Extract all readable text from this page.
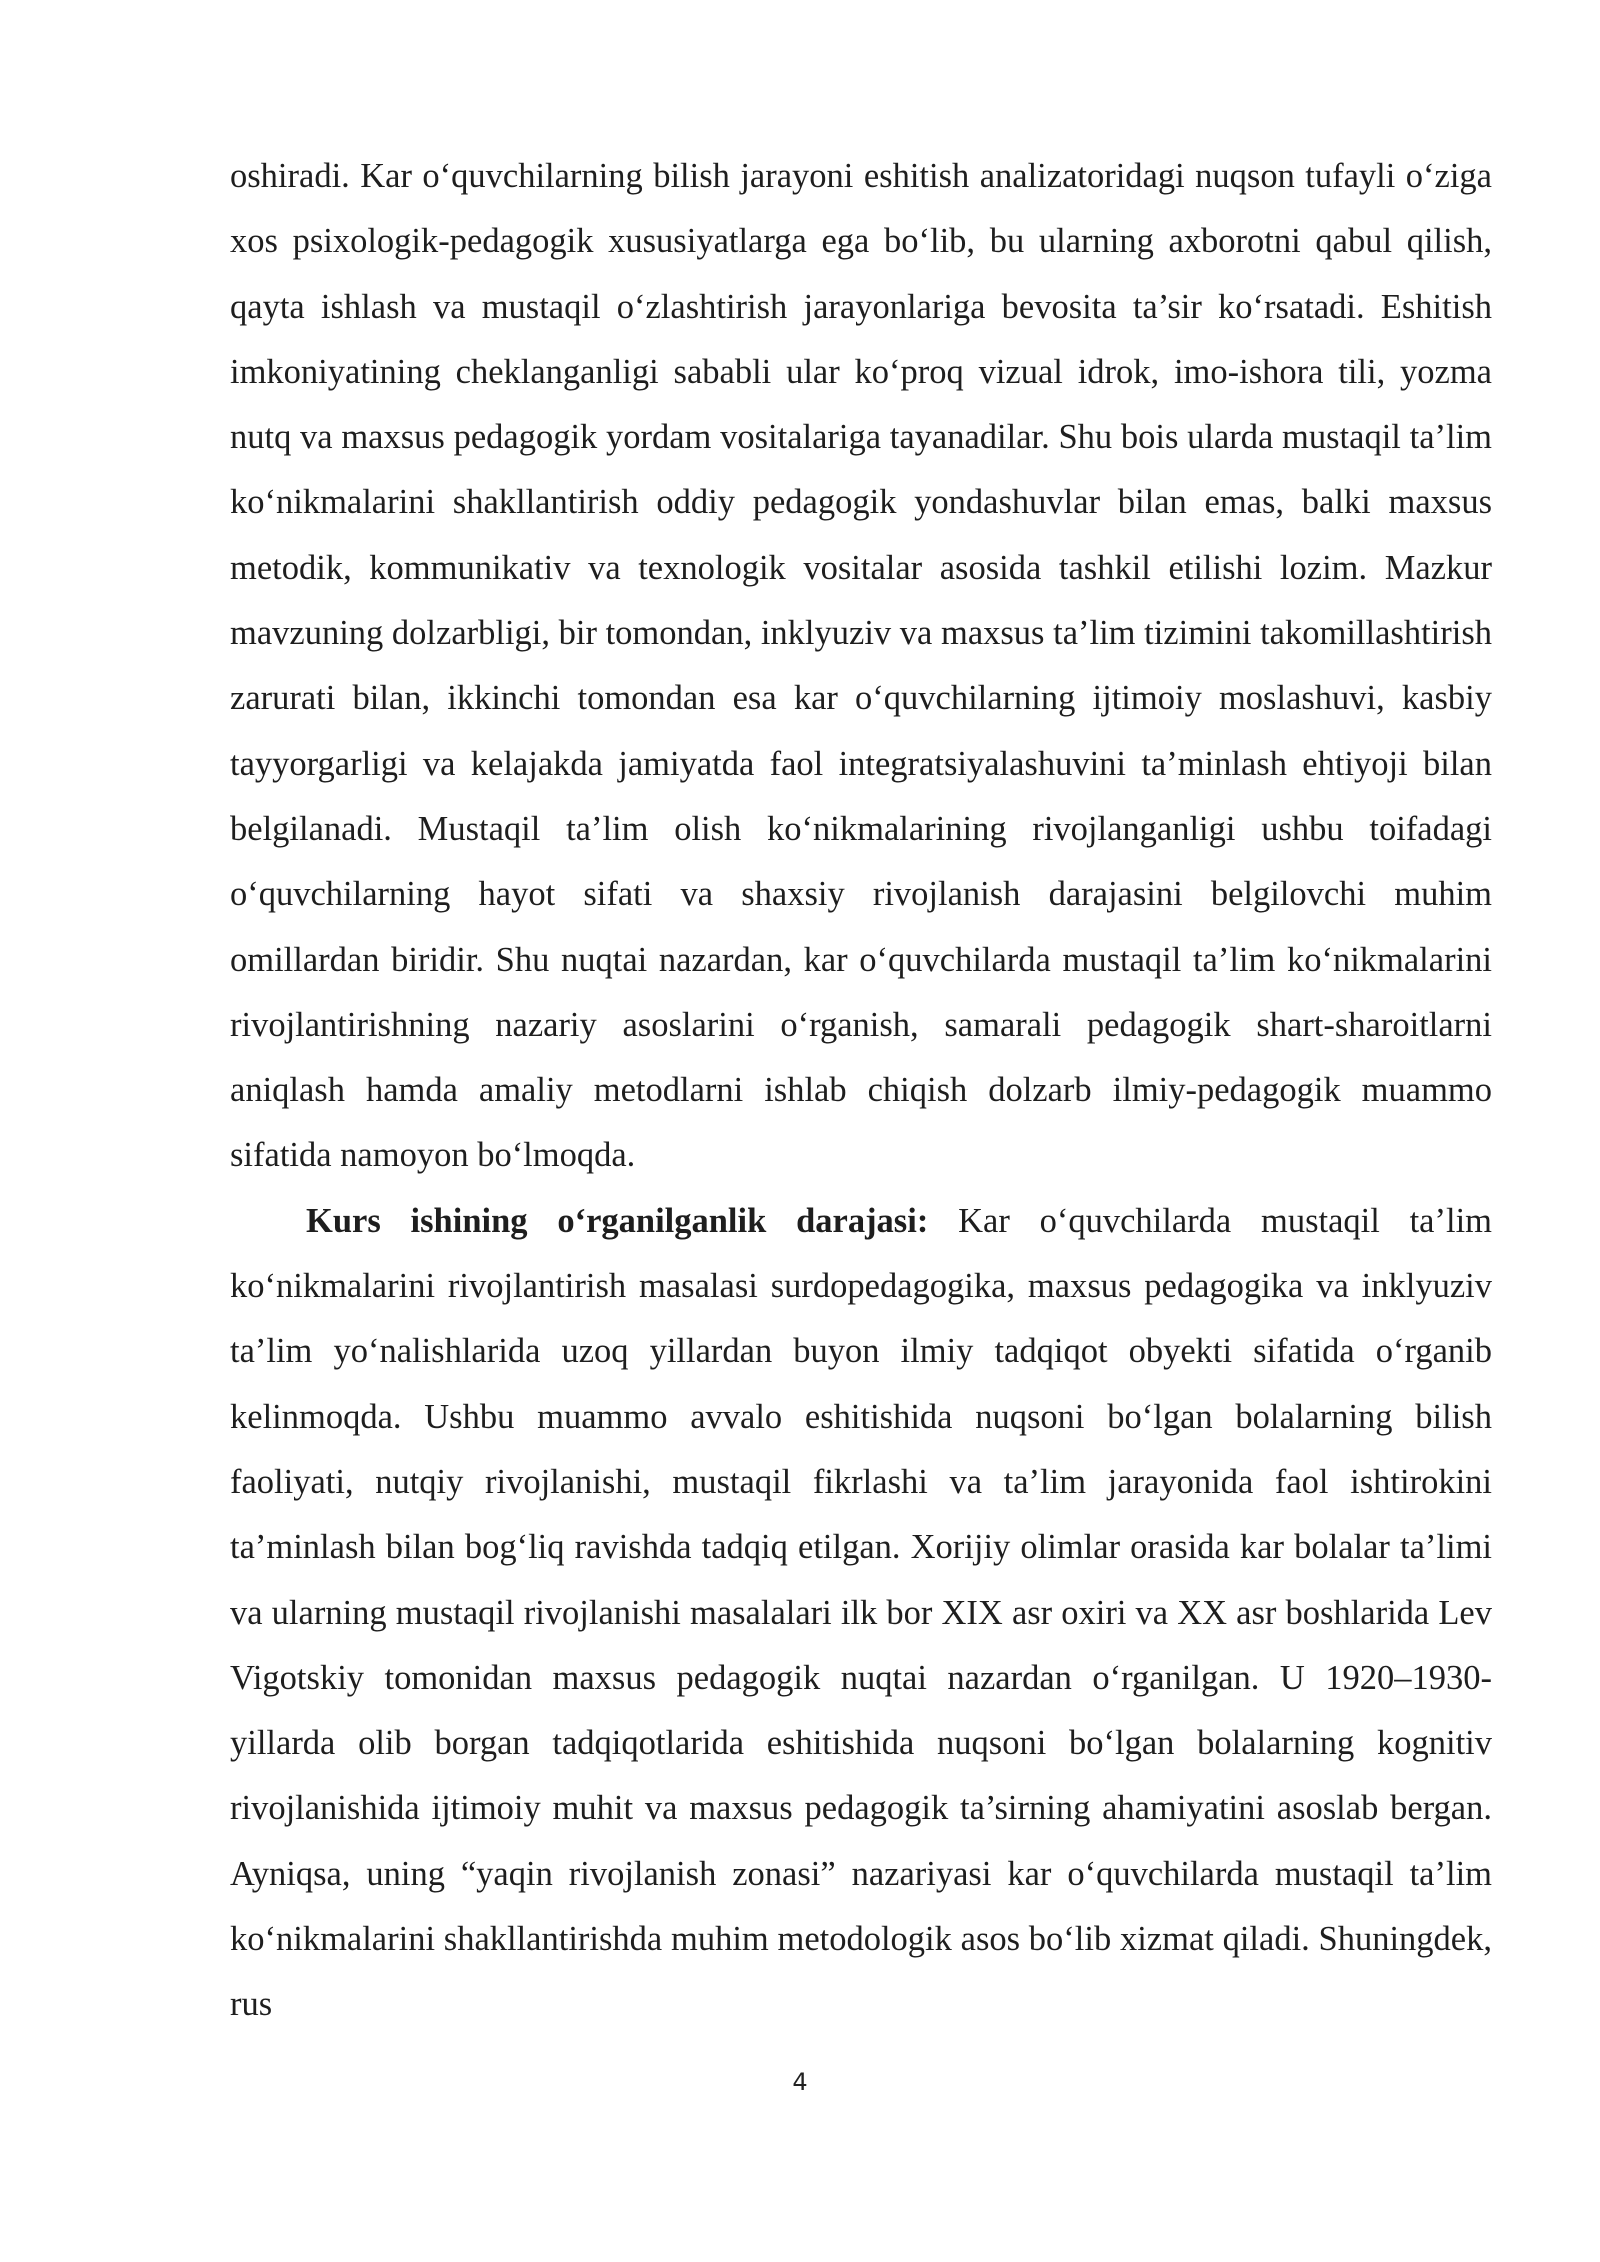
oshiradi. Kar o‘quvchilarning bilish jarayoni eshitish analizatoridagi nuqson tufayli o‘ziga xos psixologik-pedagogik xususiyatlarga ega bo‘lib, bu ularning axborotni qabul qilish, qayta ishlash va mustaqil o‘zlashtirish jarayonlariga bevosita ta’sir ko‘rsatadi. Eshitish imkoniyatining cheklanganligi sababli ular ko‘proq vizual idrok, imo-ishora tili, yozma nutq va maxsus pedagogik yordam vositalariga tayanadilar. Shu bois ularda mustaqil ta’lim ko‘nikmalarini shakllantirish oddiy pedagogik yondashuvlar bilan emas, balki maxsus metodik, kommunikativ va texnologik vositalar asosida tashkil etilishi lozim. Mazkur mavzuning dolzarbligi, bir tomondan, inklyuziv va maxsus ta’lim tizimini takomillashtirish zarurati bilan, ikkinchi tomondan esa kar o‘quvchilarning ijtimoiy moslashuvi, kasbiy tayyorgarligi va kelajakda jamiyatda faol integratsiyalashuvini ta’minlash ehtiyoji bilan belgilanadi. Mustaqil ta’lim olish ko‘nikmalarining rivojlanganligi ushbu toifadagi o‘quvchilarning hayot sifati va shaxsiy rivojlanish darajasini belgilovchi muhim omillardan biridir. Shu nuqtai nazardan, kar o‘quvchilarda mustaqil ta’lim ko‘nikmalarini rivojlantirishning nazariy asoslarini o‘rganish, samarali pedagogik shart-sharoitlarni aniqlash hamda amaliy metodlarni ishlab chiqish dolzarb ilmiy-pedagogik muammo sifatida namoyon bo‘lmoqda.

Kurs ishining o‘rganilganlik darajasi: Kar o‘quvchilarda mustaqil ta’lim ko‘nikmalarini rivojlantirish masalasi surdopedagogika, maxsus pedagogika va inklyuziv ta’lim yo‘nalishlarida uzoq yillardan buyon ilmiy tadqiqot obyekti sifatida o‘rganib kelinmoqda. Ushbu muammo avvalo eshitishida nuqsoni bo‘lgan bolalarning bilish faoliyati, nutqiy rivojlanishi, mustaqil fikrlashi va ta’lim jarayonida faol ishtirokini ta’minlash bilan bog‘liq ravishda tadqiq etilgan. Xorijiy olimlar orasida kar bolalar ta’limi va ularning mustaqil rivojlanishi masalalari ilk bor XIX asr oxiri va XX asr boshlarida Lev Vigotskiy tomonidan maxsus pedagogik nuqtai nazardan o‘rganilgan. U 1920–1930-yillarda olib borgan tadqiqotlarida eshitishida nuqsoni bo‘lgan bolalarning kognitiv rivojlanishida ijtimoiy muhit va maxsus pedagogik ta’sirning ahamiyatini asoslab bergan. Ayniqsa, uning “yaqin rivojlanish zonasi” nazariyasi kar o‘quvchilarda mustaqil ta’lim ko‘nikmalarini shakllantirishda muhim metodologik asos bo‘lib xizmat qiladi. Shuningdek, rus

4
